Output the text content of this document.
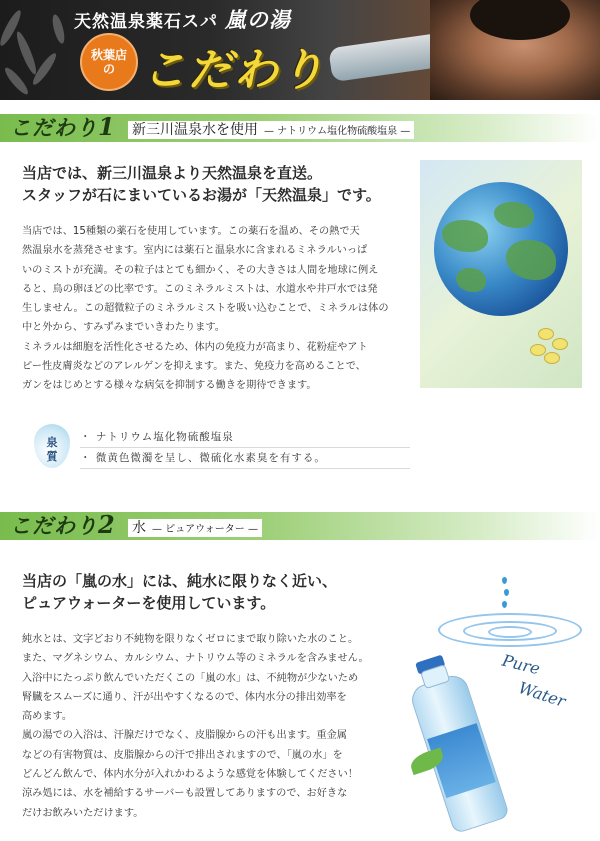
天然温泉薬石スパ 嵐の湯
秋葉店の こだわり
こだわり1 新三川温泉水を使用 — ナトリウム塩化物硫酸塩泉 —
当店では、新三川温泉より天然温泉を直送。
スタッフが石にまいているお湯が「天然温泉」です。

当店では、15種類の薬石を使用しています。この薬石を温め、その熱で天

然温泉水を蒸発させます。室内には薬石と温泉水に含まれるミネラルいっぱ

いのミストが充満。その粒子はとても細かく、その大きさは人間を地球に例え

ると、鳥の卵ほどの比率です。このミネラルミストは、水道水や井戸水では発

生しません。この超微粒子のミネラルミストを吸い込むことで、ミネラルは体の

中と外から、すみずみまでいきわたります。

ミネラルは細胞を活性化させるため、体内の免疫力が高まり、花粉症やアト

ピー性皮膚炎などのアレルゲンを抑えます。また、免疫力を高めることで、

ガンをはじめとする様々な病気を抑制する働きを期待できます。

泉
質
・ ナトリウム塩化物硫酸塩泉
・ 微黄色微濁を呈し、微硫化水素臭を有する。
こだわり2 水 — ピュアウォーター —
当店の「嵐の水」には、純水に限りなく近い、
ピュアウォーターを使用しています。

純水とは、文字どおり不純物を限りなくゼロにまで取り除いた水のこと。

また、マグネシウム、カルシウム、ナトリウム等のミネラルを含みません。

入浴中にたっぷり飲んでいただくこの「嵐の水」は、不純物が少ないため

腎臓をスムーズに通り、汗が出やすくなるので、体内水分の排出効率を

高めます。

嵐の湯での入浴は、汗腺だけでなく、皮脂腺からの汗も出ます。重金属

などの有害物質は、皮脂腺からの汗で排出されますので、「嵐の水」を

どんどん飲んで、体内水分が入れかわるような感覚を体験してください！

涼み処には、水を補給するサーバーも設置してありますので、お好きな

だけお飲みいただけます。

Pure
Water
